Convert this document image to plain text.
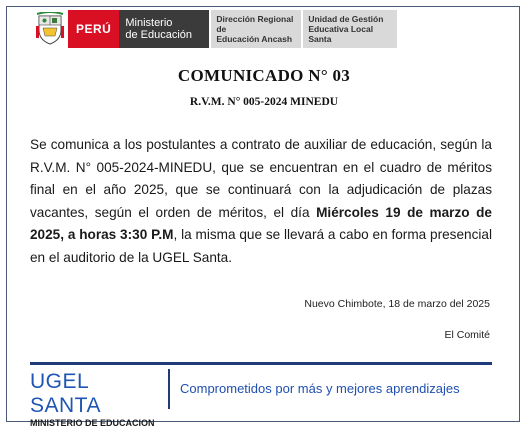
PERÚ	Ministerio
de Educación
Dirección Regional de
Educación Ancash
Unidad de Gestión
Educativa Local Santa
COMUNICADO N° 03
R.V.M. N° 005-2024 MINEDU
Se comunica a los postulantes a contrato de auxiliar de educación, según la R.V.M. N° 005-2024-MINEDU, que se encuentran en el cuadro de méritos final en el año 2025, que se continuará con la adjudicación de plazas vacantes, según el orden de méritos, el día Miércoles 19 de marzo de 2025, a horas 3:30 P.M, la misma que se llevará a cabo en forma presencial en el auditorio de la UGEL Santa.
Nuevo Chimbote, 18 de marzo del 2025
El Comité
UGEL SANTA
MINISTERIO DE EDUCACION
Comprometidos por más y mejores aprendizajes
